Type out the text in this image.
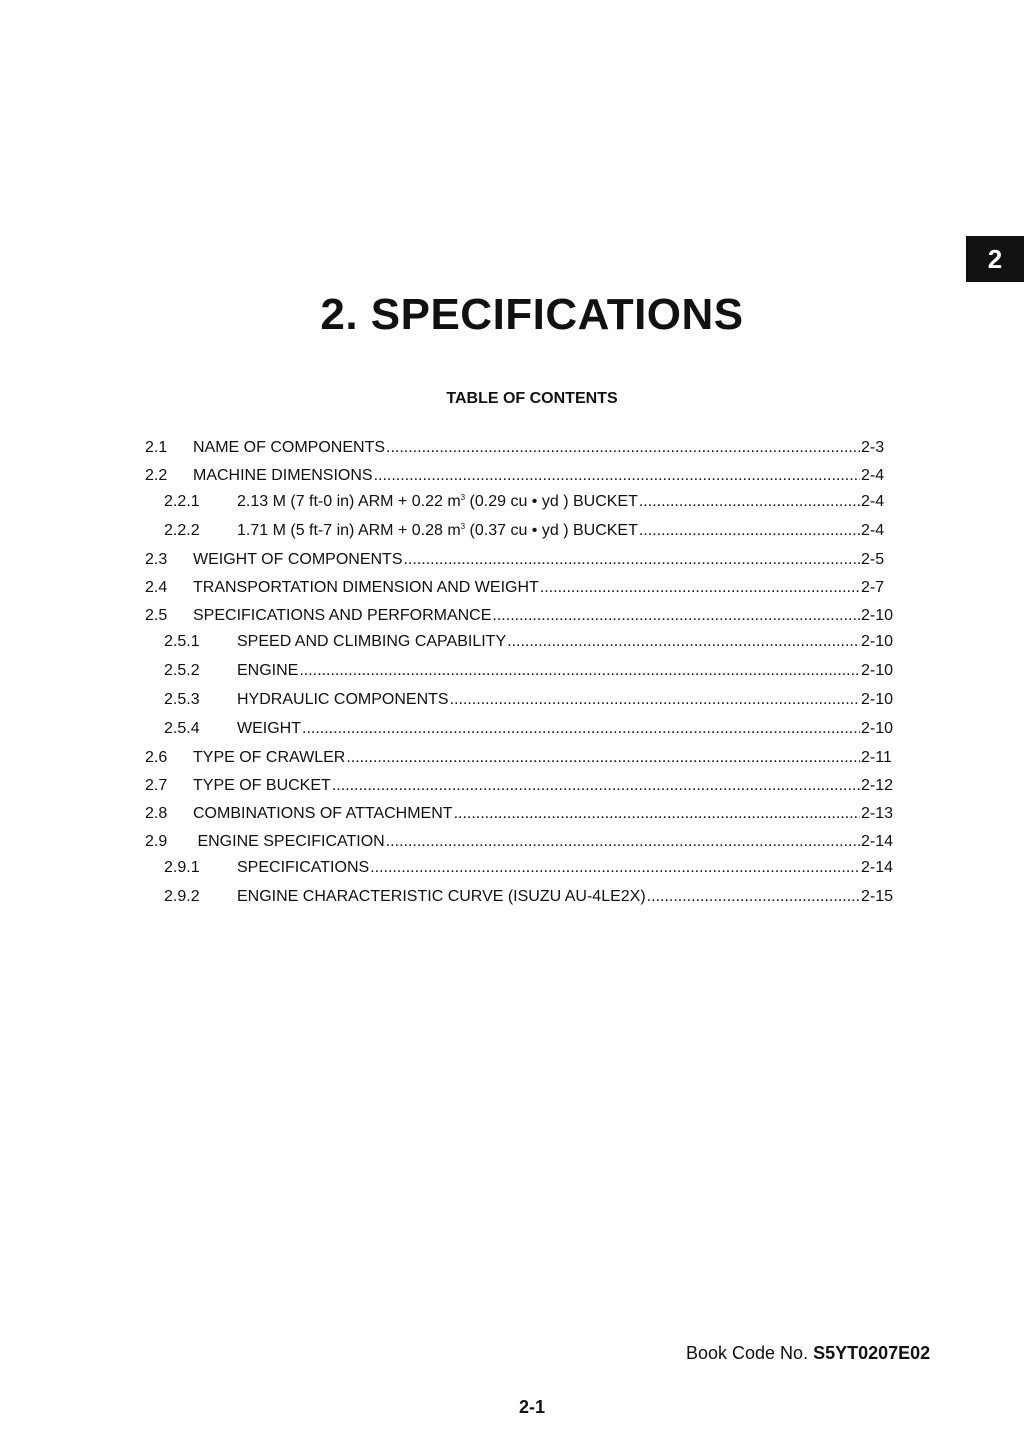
2
2. SPECIFICATIONS
TABLE OF CONTENTS
2.1	NAME OF COMPONENTS .....	2-3
2.2	MACHINE DIMENSIONS .....	2-4
2.2.1	2.13 M (7 ft-0 in) ARM + 0.22 $m^3$ (0.29 cu • yd ) BUCKET .....	2-4
2.2.2	1.71 M (5 ft-7 in) ARM + 0.28 $m^3$ (0.37 cu • yd ) BUCKET .....	2-4
2.3	WEIGHT OF COMPONENTS .....	2-5
2.4	TRANSPORTATION DIMENSION AND WEIGHT .....	2-7
2.5	SPECIFICATIONS AND PERFORMANCE .....	2-10
2.5.1	SPEED AND CLIMBING CAPABILITY .....	2-10
2.5.2	ENGINE .....	2-10
2.5.3	HYDRAULIC COMPONENTS .....	2-10
2.5.4	WEIGHT .....	2-10
2.6	TYPE OF CRAWLER .....	2-11
2.7	TYPE OF BUCKET .....	2-12
2.8	COMBINATIONS OF ATTACHMENT .....	2-13
2.9	ENGINE SPECIFICATION .....	2-14
2.9.1	SPECIFICATIONS .....	2-14
2.9.2	ENGINE CHARACTERISTIC CURVE (ISUZU AU-4LE2X) .....	2-15
Book Code No. S5YT0207E02
2-1
